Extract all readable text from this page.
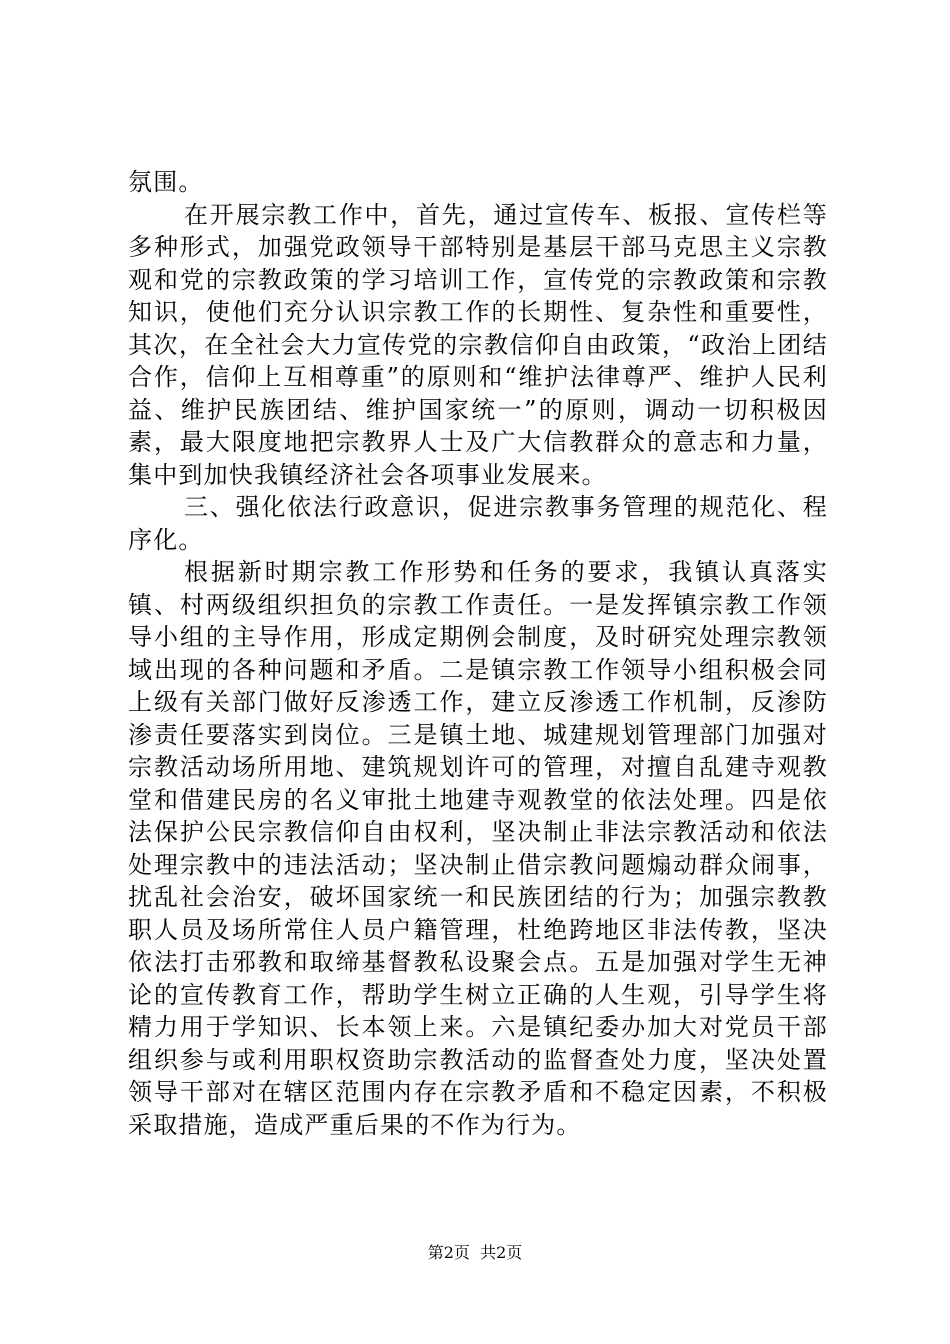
氛围。

在开展宗教工作中，首先，通过宣传车、板报、宣传栏等多种形式，加强党政领导干部特别是基层干部马克思主义宗教观和党的宗教政策的学习培训工作，宣传党的宗教政策和宗教知识，使他们充分认识宗教工作的长期性、复杂性和重要性，其次，在全社会大力宣传党的宗教信仰自由政策，“政治上团结合作，信仰上互相尊重”的原则和“维护法律尊严、维护人民利益、维护民族团结、维护国家统一”的原则，调动一切积极因素，最大限度地把宗教界人士及广大信教群众的意志和力量，集中到加快我镇经济社会各项事业发展来。

三、强化依法行政意识，促进宗教事务管理的规范化、程序化。

根据新时期宗教工作形势和任务的要求，我镇认真落实镇、村两级组织担负的宗教工作责任。一是发挥镇宗教工作领导小组的主导作用，形成定期例会制度，及时研究处理宗教领域出现的各种问题和矛盾。二是镇宗教工作领导小组积极会同上级有关部门做好反渗透工作，建立反渗透工作机制，反渗防渗责任要落实到岗位。三是镇土地、城建规划管理部门加强对宗教活动场所用地、建筑规划许可的管理，对擅自乱建寺观教堂和借建民房的名义审批土地建寺观教堂的依法处理。四是依法保护公民宗教信仰自由权利，坚决制止非法宗教活动和依法处理宗教中的违法活动；坚决制止借宗教问题煽动群众闹事，扰乱社会治安，破坏国家统一和民族团结的行为；加强宗教教职人员及场所常住人员户籍管理，杜绝跨地区非法传教，坚决依法打击邪教和取缔基督教私设聚会点。五是加强对学生无神论的宣传教育工作，帮助学生树立正确的人生观，引导学生将精力用于学知识、长本领上来。六是镇纪委办加大对党员干部组织参与或利用职权资助宗教活动的监督查处力度，坚决处置领导干部对在辖区范围内存在宗教矛盾和不稳定因素，不积极采取措施，造成严重后果的不作为行为。

第2页  共2页
